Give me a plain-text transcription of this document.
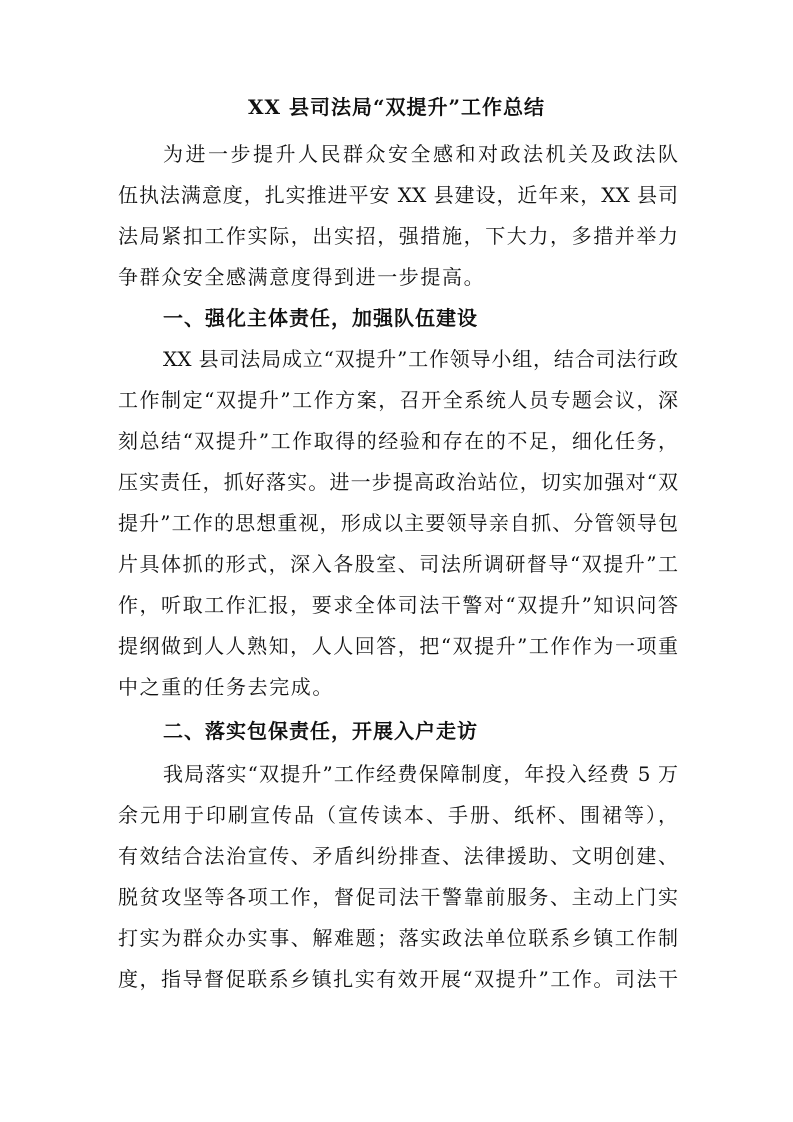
XX 县司法局“双提升”工作总结
为进一步提升人民群众安全感和对政法机关及政法队
伍执法满意度，扎实推进平安 XX 县建设，近年来，XX 县司
法局紧扣工作实际，出实招，强措施，下大力，多措并举力
争群众安全感满意度得到进一步提高。
一、强化主体责任，加强队伍建设
XX 县司法局成立“双提升”工作领导小组，结合司法行政
工作制定“双提升”工作方案，召开全系统人员专题会议，深
刻总结“双提升”工作取得的经验和存在的不足，细化任务，
压实责任，抓好落实。进一步提高政治站位，切实加强对“双
提升”工作的思想重视，形成以主要领导亲自抓、分管领导包
片具体抓的形式，深入各股室、司法所调研督导“双提升”工
作，听取工作汇报，要求全体司法干警对“双提升”知识问答
提纲做到人人熟知，人人回答，把“双提升”工作作为一项重
中之重的任务去完成。
二、落实包保责任，开展入户走访
我局落实“双提升”工作经费保障制度，年投入经费 5 万
余元用于印刷宣传品（宣传读本、手册、纸杯、围裙等），
有效结合法治宣传、矛盾纠纷排查、法律援助、文明创建、
脱贫攻坚等各项工作，督促司法干警靠前服务、主动上门实
打实为群众办实事、解难题；落实政法单位联系乡镇工作制
度，指导督促联系乡镇扎实有效开展“双提升”工作。司法干
